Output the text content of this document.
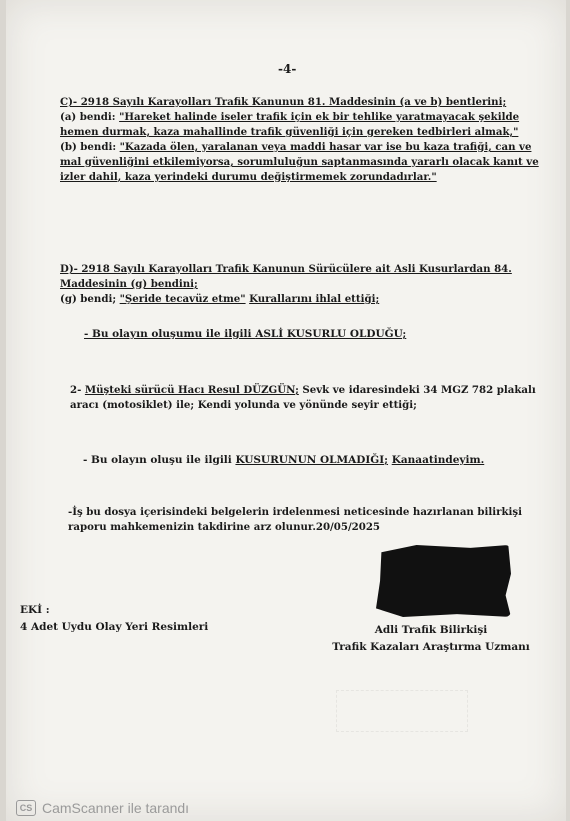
-4-
C)- 2918 Sayılı Karayolları Trafik Kanunun 81. Maddesinin (a ve b) bentlerini;
(a) bendi: "Hareket halinde iseler trafik için ek bir tehlike yaratmayacak şekilde hemen durmak, kaza mahallinde trafik güvenliği için gereken tedbirleri almak,"
(b) bendi: "Kazada ölen, yaralanan veya maddi hasar var ise bu kaza trafiği, can ve mal güvenliğini etkilemiyorsa, sorumluluğun saptanmasında yararlı olacak kanıt ve izler dahil, kaza yerindeki durumu değiştirmemek zorundadırlar."
D)- 2918 Sayılı Karayolları Trafik Kanunun Sürücülere ait Asli Kusurlardan 84. Maddesinin (g) bendini;
(g) bendi; "Şeride tecavüz etme" Kurallarını ihlal ettiği;
- Bu olayın oluşumu ile ilgili ASLİ KUSURLU OLDUĞU;
2- Müşteki sürücü Hacı Resul DÜZGÜN; Sevk ve idaresindeki 34 MGZ 782 plakalı aracı (motosiklet) ile; Kendi yolunda ve yönünde seyir ettiği;
- Bu olayın oluşu ile ilgili KUSURUNUN OLMADIĞI; Kanaatindeyim.
-İş bu dosya içerisindeki belgelerin irdelenmesi neticesinde hazırlanan bilirkişi raporu mahkemenizin takdirine arz olunur.20/05/2025
EKİ :
4 Adet Uydu Olay Yeri Resimleri	Adli Trafik Bilirkişi
Trafik Kazaları Araştırma Uzmanı
CS CamScanner ile tarandı
